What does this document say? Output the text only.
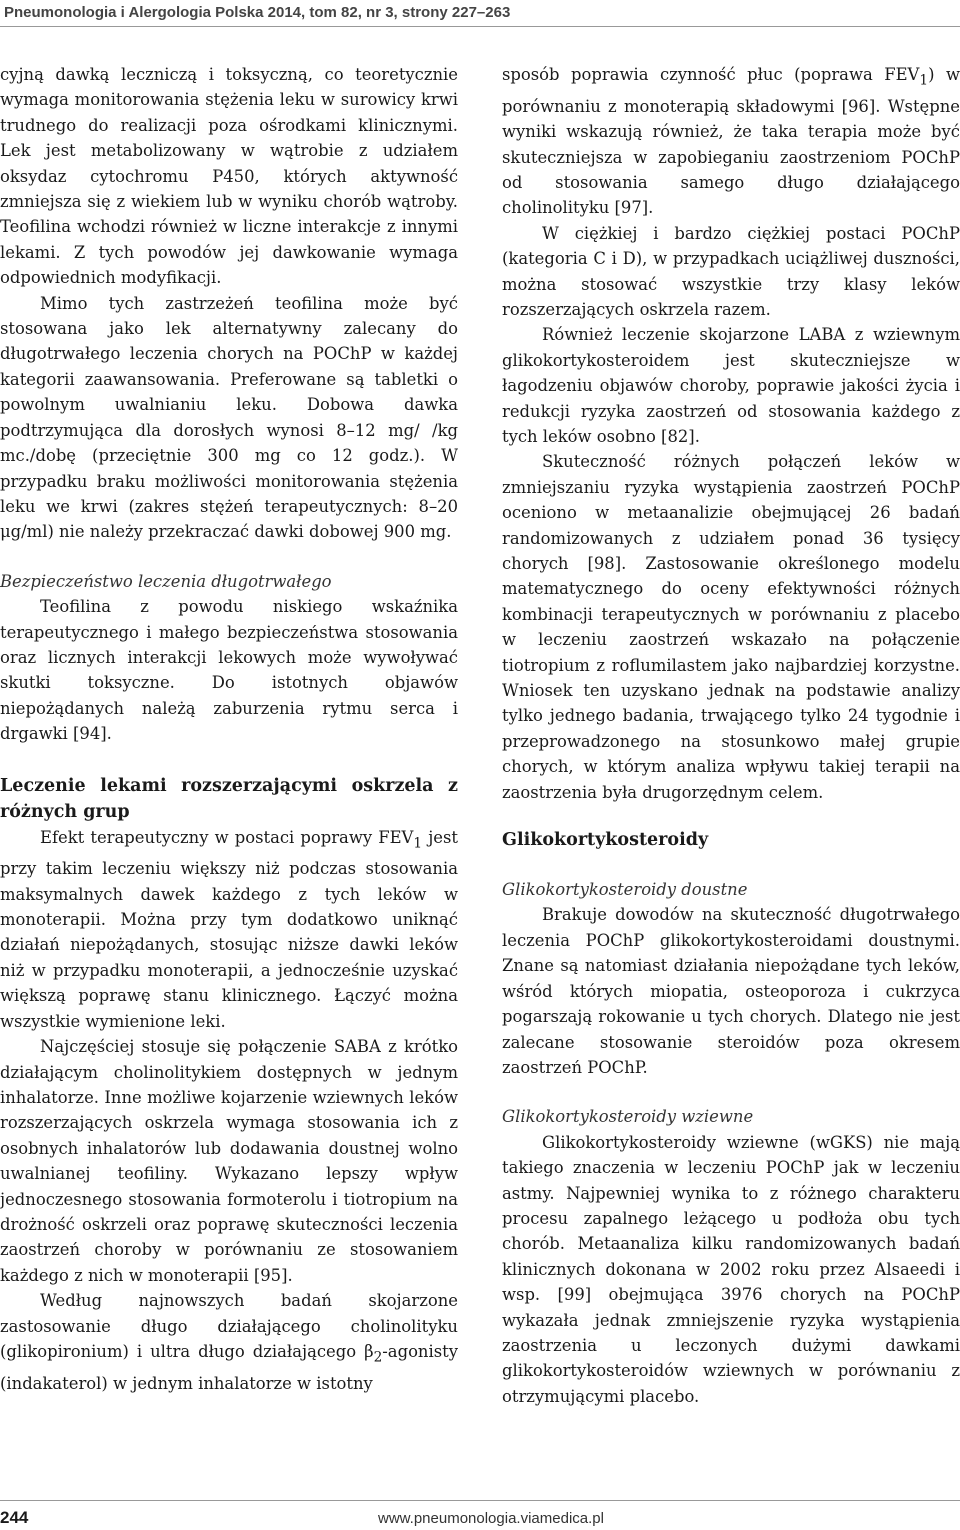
Pneumonologia i Alergologia Polska 2014, tom 82, nr 3, strony 227–263

cyjną dawką leczniczą i toksyczną, co teoretycznie wymaga monitorowania stężenia leku w surowicy krwi trudnego do realizacji poza ośrodkami klinicznymi. Lek jest metabolizowany w wątrobie z udziałem oksydaz cytochromu P450, których aktywność zmniejsza się z wiekiem lub w wyniku chorób wątroby. Teofilina wchodzi również w liczne interakcje z innymi lekami. Z tych powodów jej dawkowanie wymaga odpowiednich modyfikacji.

Mimo tych zastrzeżeń teofilina może być stosowana jako lek alternatywny zalecany do długotrwałego leczenia chorych na POChP w każdej kategorii zaawansowania. Preferowane są tabletki o powolnym uwalnianiu leku. Dobowa dawka podtrzymująca dla dorosłych wynosi 8–12 mg/ /kg mc./dobę (przeciętnie 300 mg co 12 godz.). W przypadku braku możliwości monitorowania stężenia leku we krwi (zakres stężeń terapeutycznych: 8–20 μg/ml) nie należy przekraczać dawki dobowej 900 mg.

Bezpieczeństwo leczenia długotrwałego

Teofilina z powodu niskiego wskaźnika terapeutycznego i małego bezpieczeństwa stosowania oraz licznych interakcji lekowych może wywoływać skutki toksyczne. Do istotnych objawów niepożądanych należą zaburzenia rytmu serca i drgawki [94].

Leczenie lekami rozszerzającymi oskrzela z różnych grup

Efekt terapeutyczny w postaci poprawy $FEV_1$ jest przy takim leczeniu większy niż podczas stosowania maksymalnych dawek każdego z tych leków w monoterapii. Można przy tym dodatkowo uniknąć działań niepożądanych, stosując niższe dawki leków niż w przypadku monoterapii, a jednocześnie uzyskać większą poprawę stanu klinicznego. Łączyć można wszystkie wymienione leki.

Najczęściej stosuje się połączenie SABA z krótko działającym cholinolitykiem dostępnych w jednym inhalatorze. Inne możliwe kojarzenie wziewnych leków rozszerzających oskrzela wymaga stosowania ich z osobnych inhalatorów lub dodawania doustnej wolno uwalnianej teofiliny. Wykazano lepszy wpływ jednoczesnego stosowania formoterolu i tiotropium na drożność oskrzeli oraz poprawę skuteczności leczenia zaostrzeń choroby w porównaniu ze stosowaniem każdego z nich w monoterapii [95].

Według najnowszych badań skojarzone zastosowanie długo działającego cholinolityku (glikopironium) i ultra długo działającego $\beta_2$-agonisty (indakaterol) w jednym inhalatorze w istotny

sposób poprawia czynność płuc (poprawa $FEV_1$) w porównaniu z monoterapią składowymi [96]. Wstępne wyniki wskazują również, że taka terapia może być skuteczniejsza w zapobieganiu zaostrzeniom POChP od stosowania samego długo działającego cholinolityku [97].

W ciężkiej i bardzo ciężkiej postaci POChP (kategoria C i D), w przypadkach uciążliwej duszności, można stosować wszystkie trzy klasy leków rozszerzających oskrzela razem.

Również leczenie skojarzone LABA z wziewnym glikokortykosteroidem jest skuteczniejsze w łagodzeniu objawów choroby, poprawie jakości życia i redukcji ryzyka zaostrzeń od stosowania każdego z tych leków osobno [82].

Skuteczność różnych połączeń leków w zmniejszaniu ryzyka wystąpienia zaostrzeń POChP oceniono w metaanalizie obejmującej 26 badań randomizowanych z udziałem ponad 36 tysięcy chorych [98]. Zastosowanie określonego modelu matematycznego do oceny efektywności różnych kombinacji terapeutycznych w porównaniu z placebo w leczeniu zaostrzeń wskazało na połączenie tiotropium z roflumilastem jako najbardziej korzystne. Wniosek ten uzyskano jednak na podstawie analizy tylko jednego badania, trwającego tylko 24 tygodnie i przeprowadzonego na stosunkowo małej grupie chorych, w którym analiza wpływu takiej terapii na zaostrzenia była drugorzędnym celem.

Glikokortykosteroidy

Glikokortykosteroidy doustne

Brakuje dowodów na skuteczność długotrwałego leczenia POChP glikokortykosteroidami doustnymi. Znane są natomiast działania niepożądane tych leków, wśród których miopatia, osteoporoza i cukrzyca pogarszają rokowanie u tych chorych. Dlatego nie jest zalecane stosowanie steroidów poza okresem zaostrzeń POChP.

Glikokortykosteroidy wziewne

Glikokortykosteroidy wziewne (wGKS) nie mają takiego znaczenia w leczeniu POChP jak w leczeniu astmy. Najpewniej wynika to z różnego charakteru procesu zapalnego leżącego u podłoża obu tych chorób. Metaanaliza kilku randomizowanych badań klinicznych dokonana w 2002 roku przez Alsaeedi i wsp. [99] obejmująca 3976 chorych na POChP wykazała jednak zmniejszenie ryzyka wystąpienia zaostrzenia u leczonych dużymi dawkami glikokortykosteroidów wziewnych w porównaniu z otrzymującymi placebo.

244	www.pneumonologia.viamedica.pl
